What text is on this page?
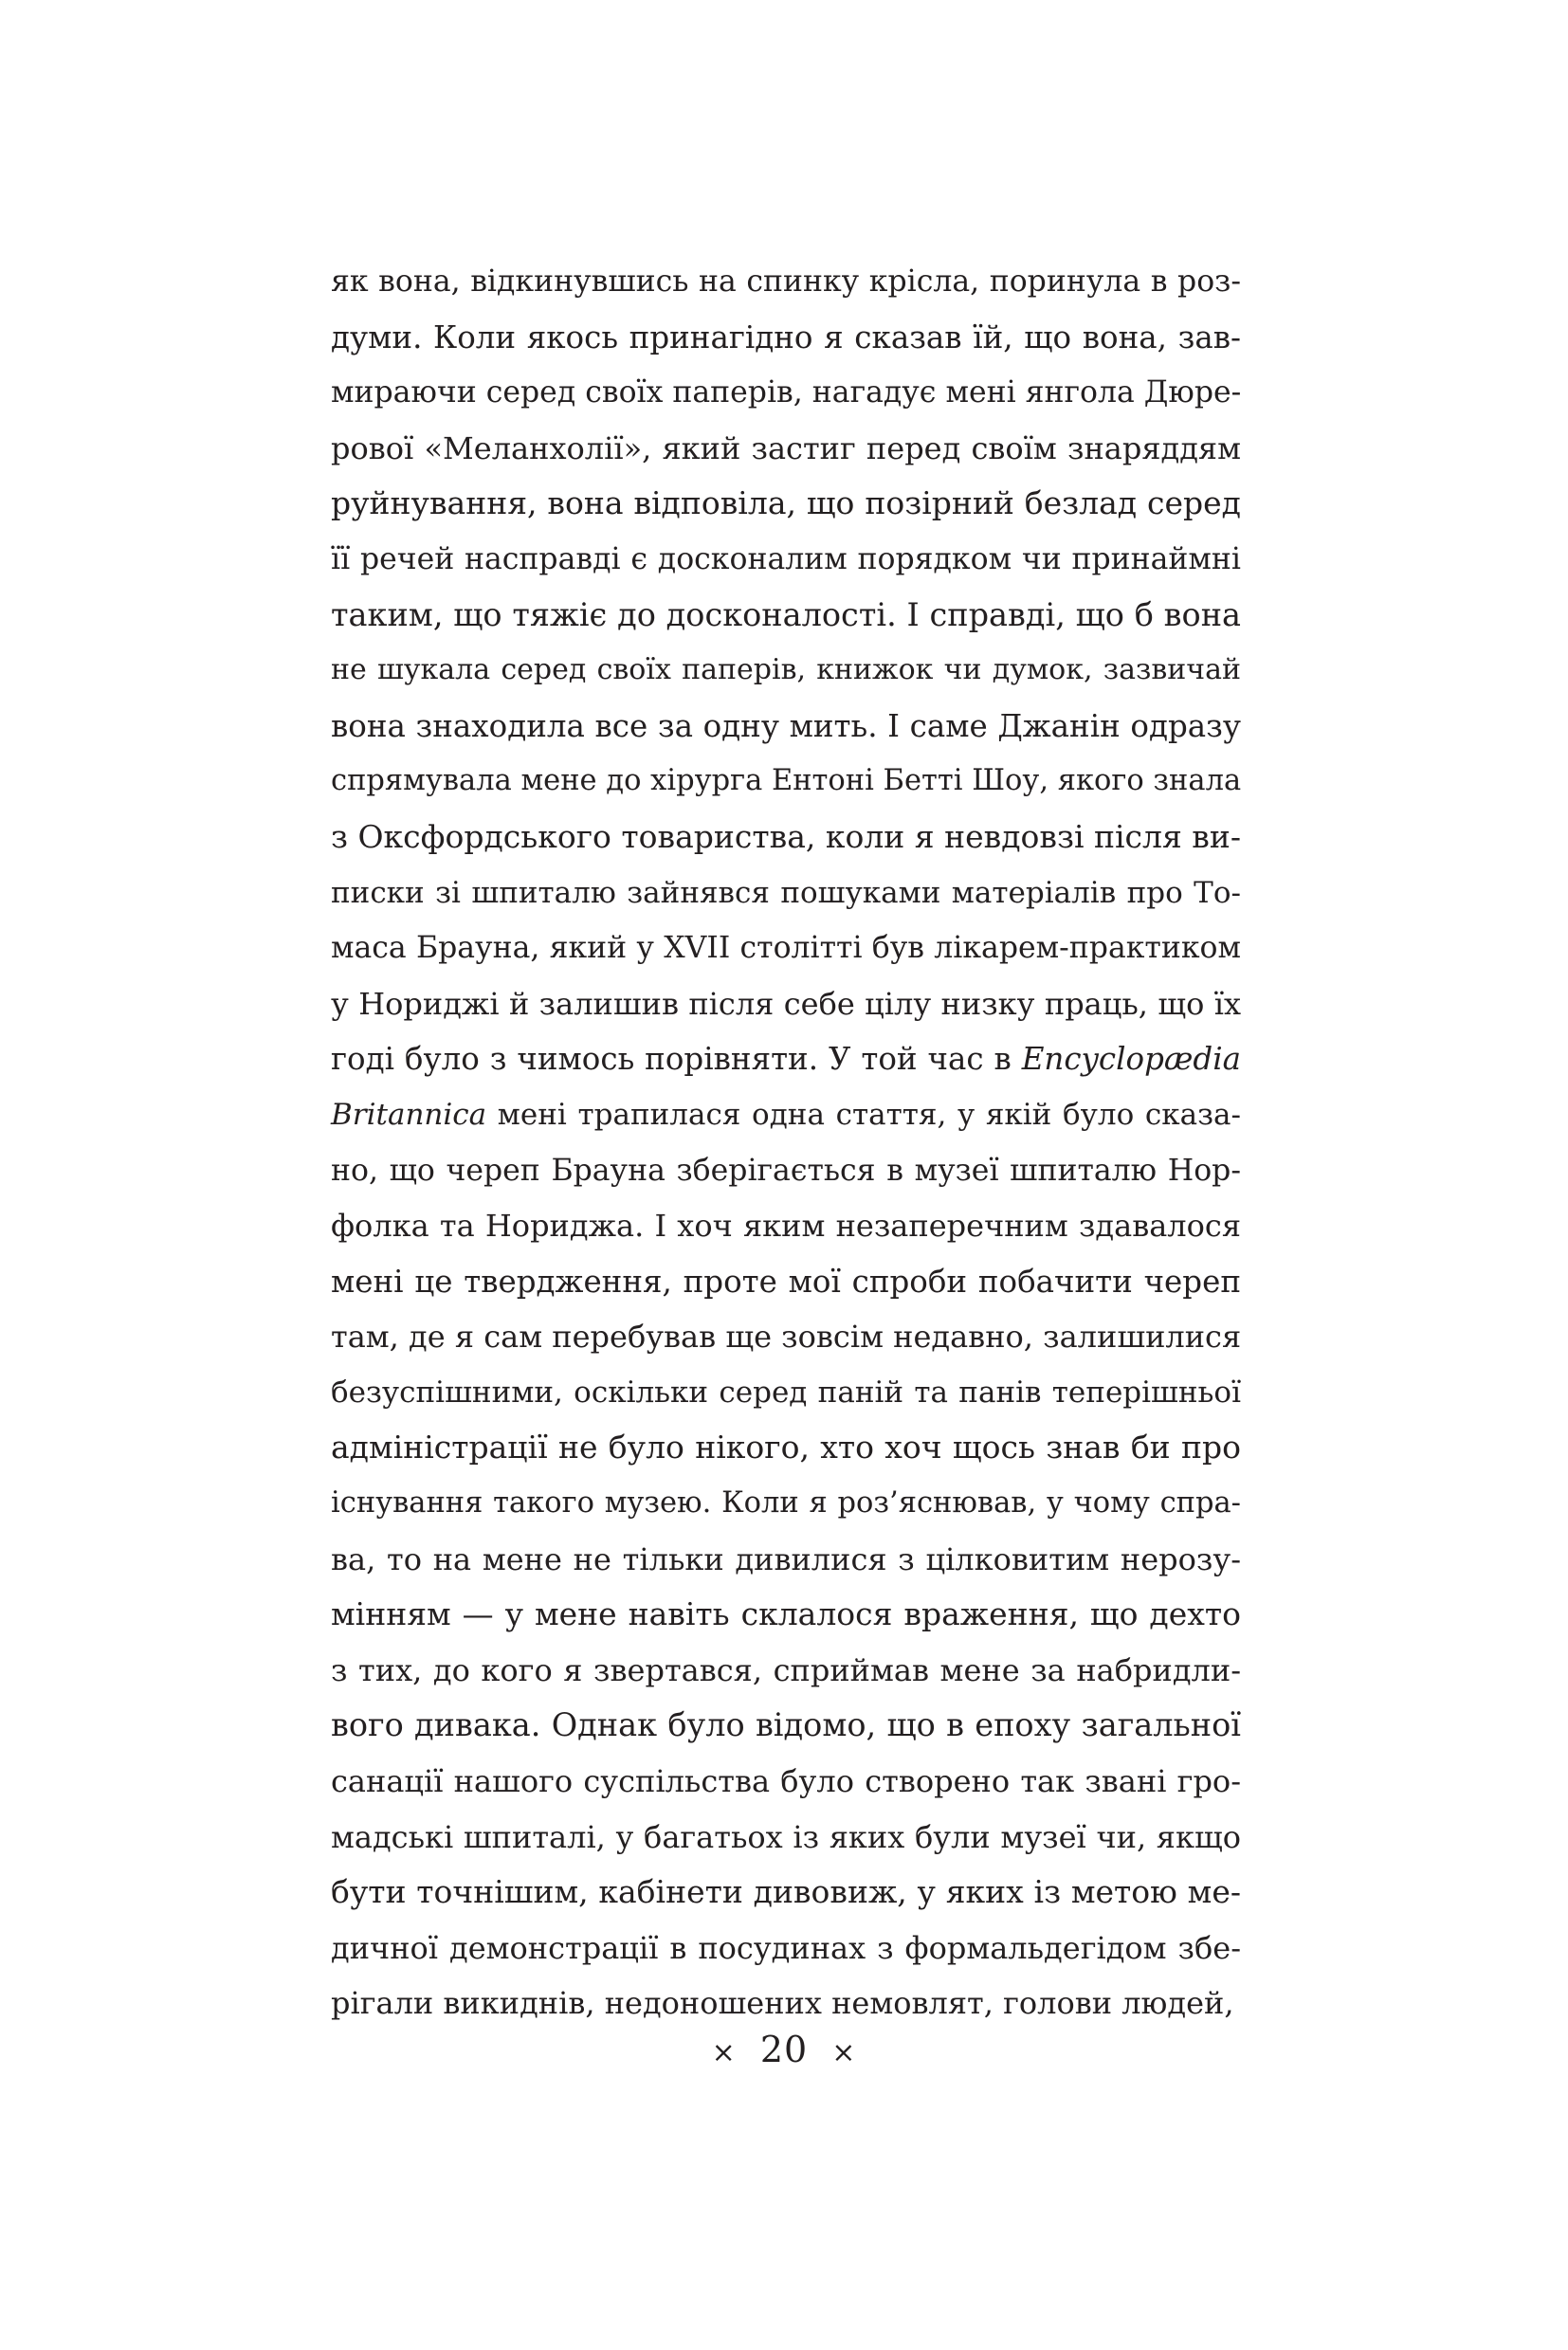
як вона, відкинувшись на спинку крісла, поринула в роз-
думи. Коли якось принагідно я сказав їй, що вона, зав-
мираючи серед своїх паперів, нагадує мені янгола Дюре-
рової «Меланхолії», який застиг перед своїм знаряддям
руйнування, вона відповіла, що позірний безлад серед
її речей насправді є досконалим порядком чи принаймні
таким, що тяжіє до досконалості. І справді, що б вона
не шукала серед своїх паперів, книжок чи думок, зазвичай
вона знаходила все за одну мить. І саме Джанін одразу
спрямувала мене до хірурга Ентоні Бетті Шоу, якого знала
з Оксфордського товариства, коли я невдовзі після ви-
писки зі шпиталю зайнявся пошуками матеріалів про То-
маса Брауна, який у XVII столітті був лікарем-практиком
у Нориджі й залишив після себе цілу низку праць, що їх
годі було з чимось порівняти. У той час в Encyclopædia
Britannica мені трапилася одна стаття, у якій було сказа-
но, що череп Брауна зберігається в музеї шпиталю Нор-
фолка та Нориджа. І хоч яким незаперечним здавалося
мені це твердження, проте мої спроби побачити череп
там, де я сам перебував ще зовсім недавно, залишилися
безуспішними, оскільки серед паній та панів теперішньої
адміністрації не було нікого, хто хоч щось знав би про
існування такого музею. Коли я роз’яснював, у чому спра-
ва, то на мене не тільки дивилися з цілковитим нерозу-
мінням — у мене навіть склалося враження, що дехто
з тих, до кого я звертався, сприймав мене за набридли-
вого дивака. Однак було відомо, що в епоху загальної
санації нашого суспільства було створено так звані гро-
мадські шпиталі, у багатьох із яких були музеї чи, якщо
бути точнішим, кабінети дивовиж, у яких із метою ме-
дичної демонстрації в посудинах з формальдегідом збе-
рігали викиднів, недоношених немовлят, голови людей,
× 20 ×
